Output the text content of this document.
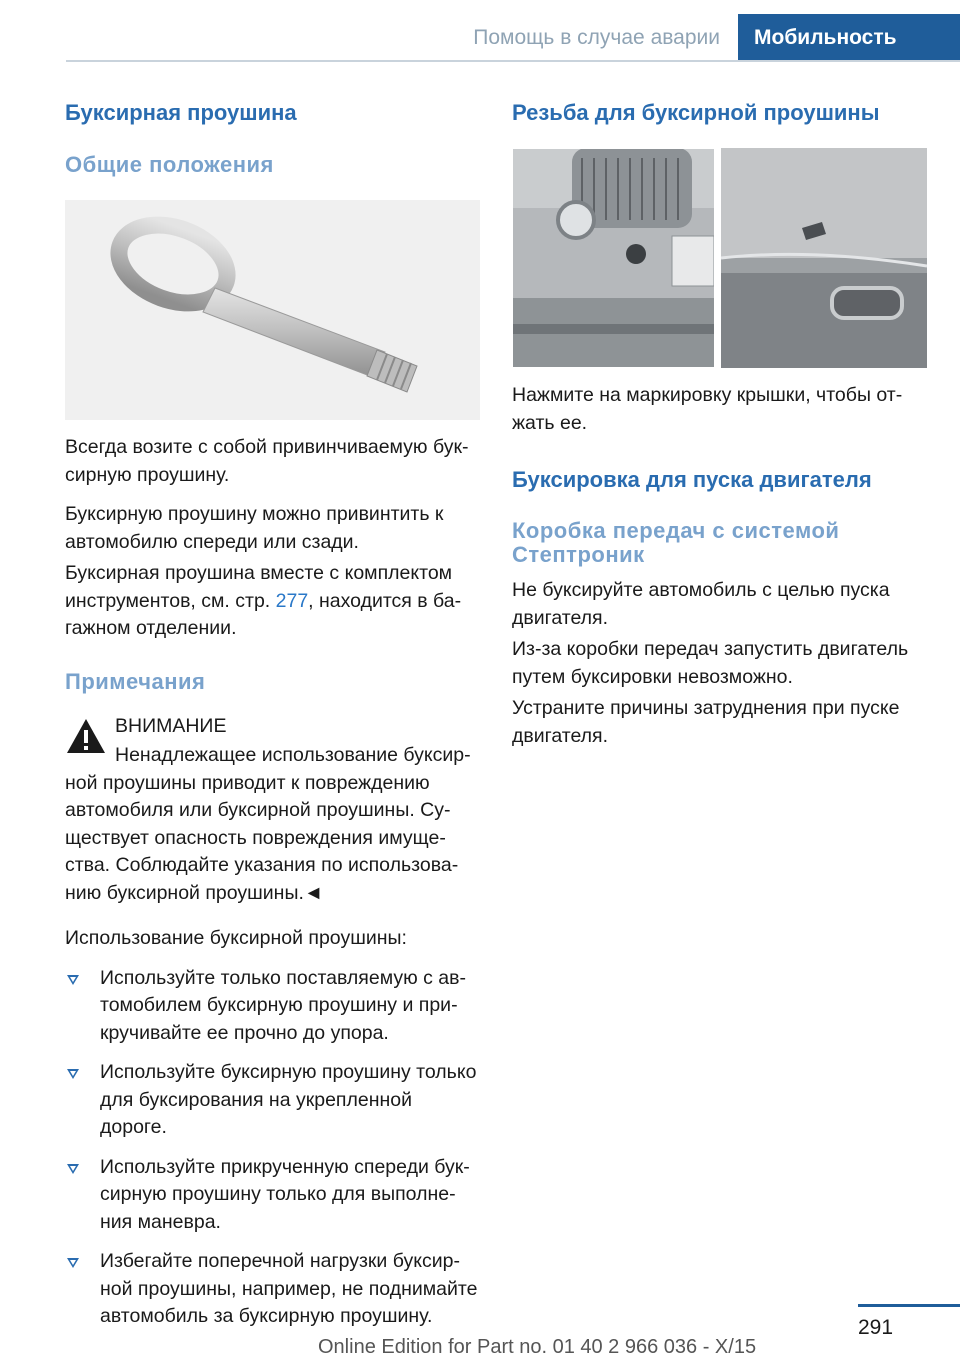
Помощь в случае аварии	Мобильность
Буксирная проушина
Общие положения

Всегда возите с собой привинчиваемую буксирную проушину.

Буксирную проушину можно привинтить к автомобилю спереди или сзади.

Буксирная проушина вместе с комплектом инструментов, см. стр. 277, находится в багажном отделении.

Примечания
ВНИМАНИЕ
Ненадлежащее использование буксирной проушины приводит к повреждению автомобиля или буксирной проушины. Существует опасность повреждения имущества. Соблюдайте указания по использованию буксирной проушины.◄

Использование буксирной проушины:

Используйте только поставляемую с автомобилем буксирную проушину и прикручивайте ее прочно до упора.
Используйте буксирную проушину только для буксирования на укрепленной дороге.
Используйте прикрученную спереди буксирную проушину только для выполнения маневра.
Избегайте поперечной нагрузки буксирной проушины, например, не поднимайте автомобиль за буксирную проушину.
Резьба для буксирной проушины

Нажмите на маркировку крышки, чтобы отжать ее.

Буксировка для пуска двигателя
Коробка передач с системой Стептроник

Не буксируйте автомобиль с целью пуска двигателя.

Из-за коробки передач запустить двигатель путем буксировки невозможно.

Устраните причины затруднения при пуске двигателя.

291
Online Edition for Part no. 01 40 2 966 036 - X/15
